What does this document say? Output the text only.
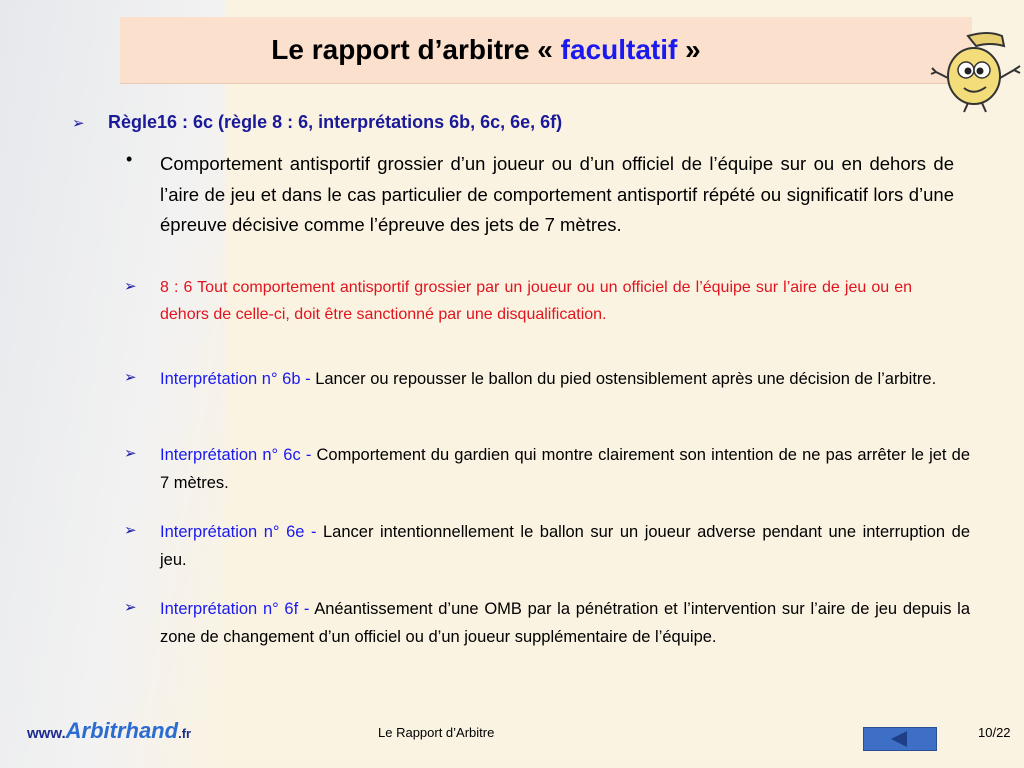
Le rapport d’arbitre « facultatif »
➢ Règle16 : 6c (règle 8 : 6, interprétations 6b, 6c, 6e, 6f)
•	Comportement antisportif grossier d’un joueur ou d’un officiel de l’équipe sur ou en dehors de l’aire de jeu et dans le cas particulier de comportement antisportif répété ou significatif lors d’une épreuve décisive comme l’épreuve des jets de 7 mètres.
➢	8 : 6 Tout comportement antisportif grossier par un joueur ou un officiel de l’équipe sur l’aire de jeu ou en dehors de celle-ci, doit être sanctionné par une disqualification.
➢	Interprétation n° 6b - Lancer ou repousser le ballon du pied ostensiblement après une décision de l’arbitre.
➢	Interprétation n° 6c - Comportement du gardien qui montre clairement son intention de ne pas arrêter le jet de 7 mètres.
➢	Interprétation n° 6e - Lancer intentionnellement le ballon sur un joueur adverse pendant une interruption de jeu.
➢	Interprétation n° 6f - Anéantissement d’une OMB par la pénétration et l’intervention sur l’aire de jeu depuis la zone de changement d’un officiel ou d’un joueur supplémentaire de l’équipe.
www.Arbitrhand.fr	Le Rapport d’Arbitre	10/22
